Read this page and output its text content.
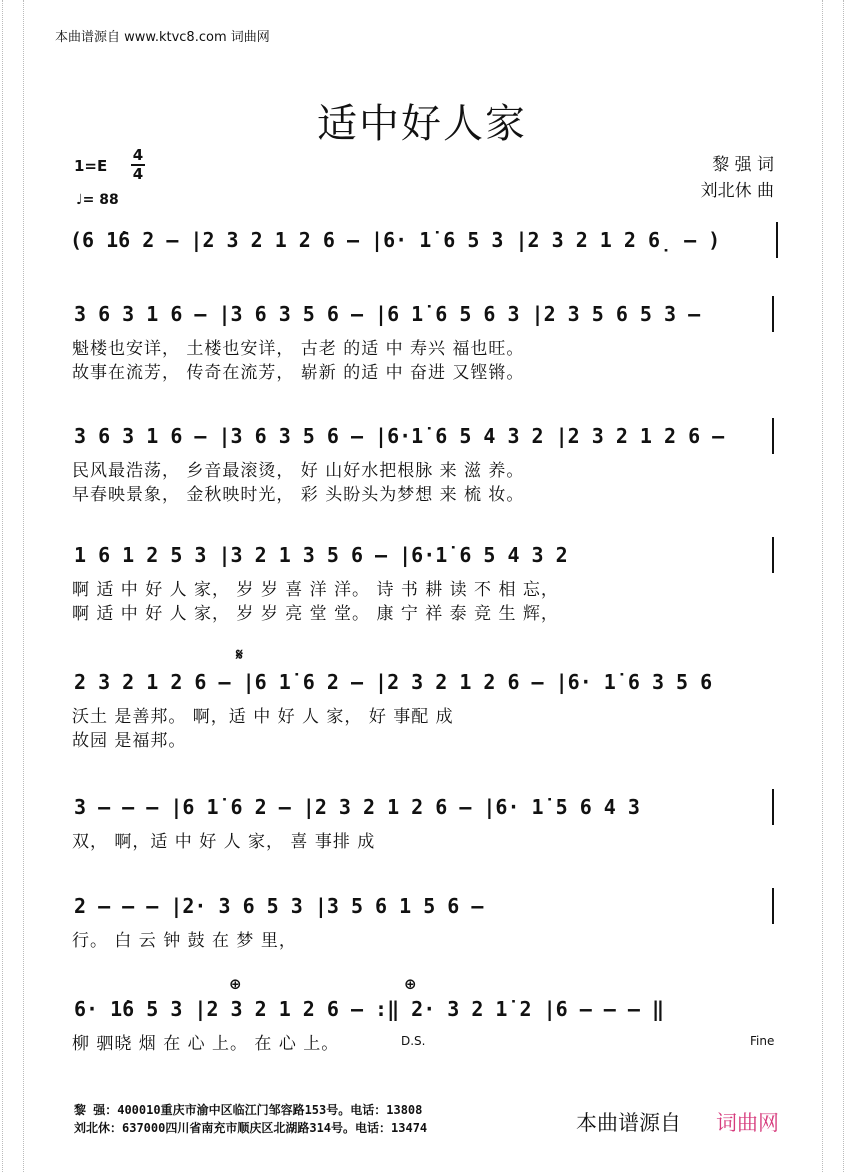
本曲谱源自 www.ktvc8.com 词曲网
适中好人家
黎 强 词
刘北休 曲
1=E
4
4
♩= 88
(6 1̇6 2 – |2 3 2 1 2 6 – |6· 1̇ 6 5 3 |2 3 2 1 2 6̣ – )
3 6 3 1 6 – |3 6 3 5 6 – |6 1̇ 6 5 6 3 |2 3 5 6 5 3 –
魁楼也安详， 土楼也安详， 古老 的适 中 寿兴 福也旺。
故事在流芳， 传奇在流芳， 崭新 的适 中 奋进 又铿锵。
3 6 3 1 6 – |3 6 3 5 6 – |6·1̇ 6 5 4 3 2 |2 3 2 1 2 6 –
民风最浩荡， 乡音最滚烫， 好 山好水把根脉 来 滋 养。
早春映景象， 金秋映时光， 彩 头盼头为梦想 来 梳 妆。
1 6 1 2 5 3 |3 2 1 3 5 6 – |6·1̇ 6 5 4 3 2
啊 适 中 好 人 家， 岁 岁 喜 洋 洋。 诗 书 耕 读 不 相 忘，
啊 适 中 好 人 家， 岁 岁 亮 堂 堂。 康 宁 祥 泰 竞 生 辉，
𝄋
2 3 2 1 2 6 – |6 1̇ 6 2 – |2 3 2 1 2 6 – |6· 1̇ 6 3 5 6
沃土 是善邦。 啊，适 中 好 人 家， 好 事配 成
故园 是福邦。
3 – – – |6 1̇ 6 2 – |2 3 2 1 2 6 – |6· 1̇ 5 6 4 3
双， 啊，适 中 好 人 家， 喜 事排 成
2 – – – |2· 3 6 5 3 |3 5 6 1 5 6 –
行。 白 云 钟 鼓 在 梦 里，
⊕	⊕
6· 1̇6 5 3 |2 3 2 1 2 6 – :‖ 2· 3 2 1̇ 2 |6 – – – ‖
柳 驷晓 烟 在 心 上。 在 心 上。	D.S.	Fine
黎 强：400010重庆市渝中区临江门邹容路153号。电话：13808
刘北休：637000四川省南充市顺庆区北湖路314号。电话：13474	本曲谱源自 词曲网
